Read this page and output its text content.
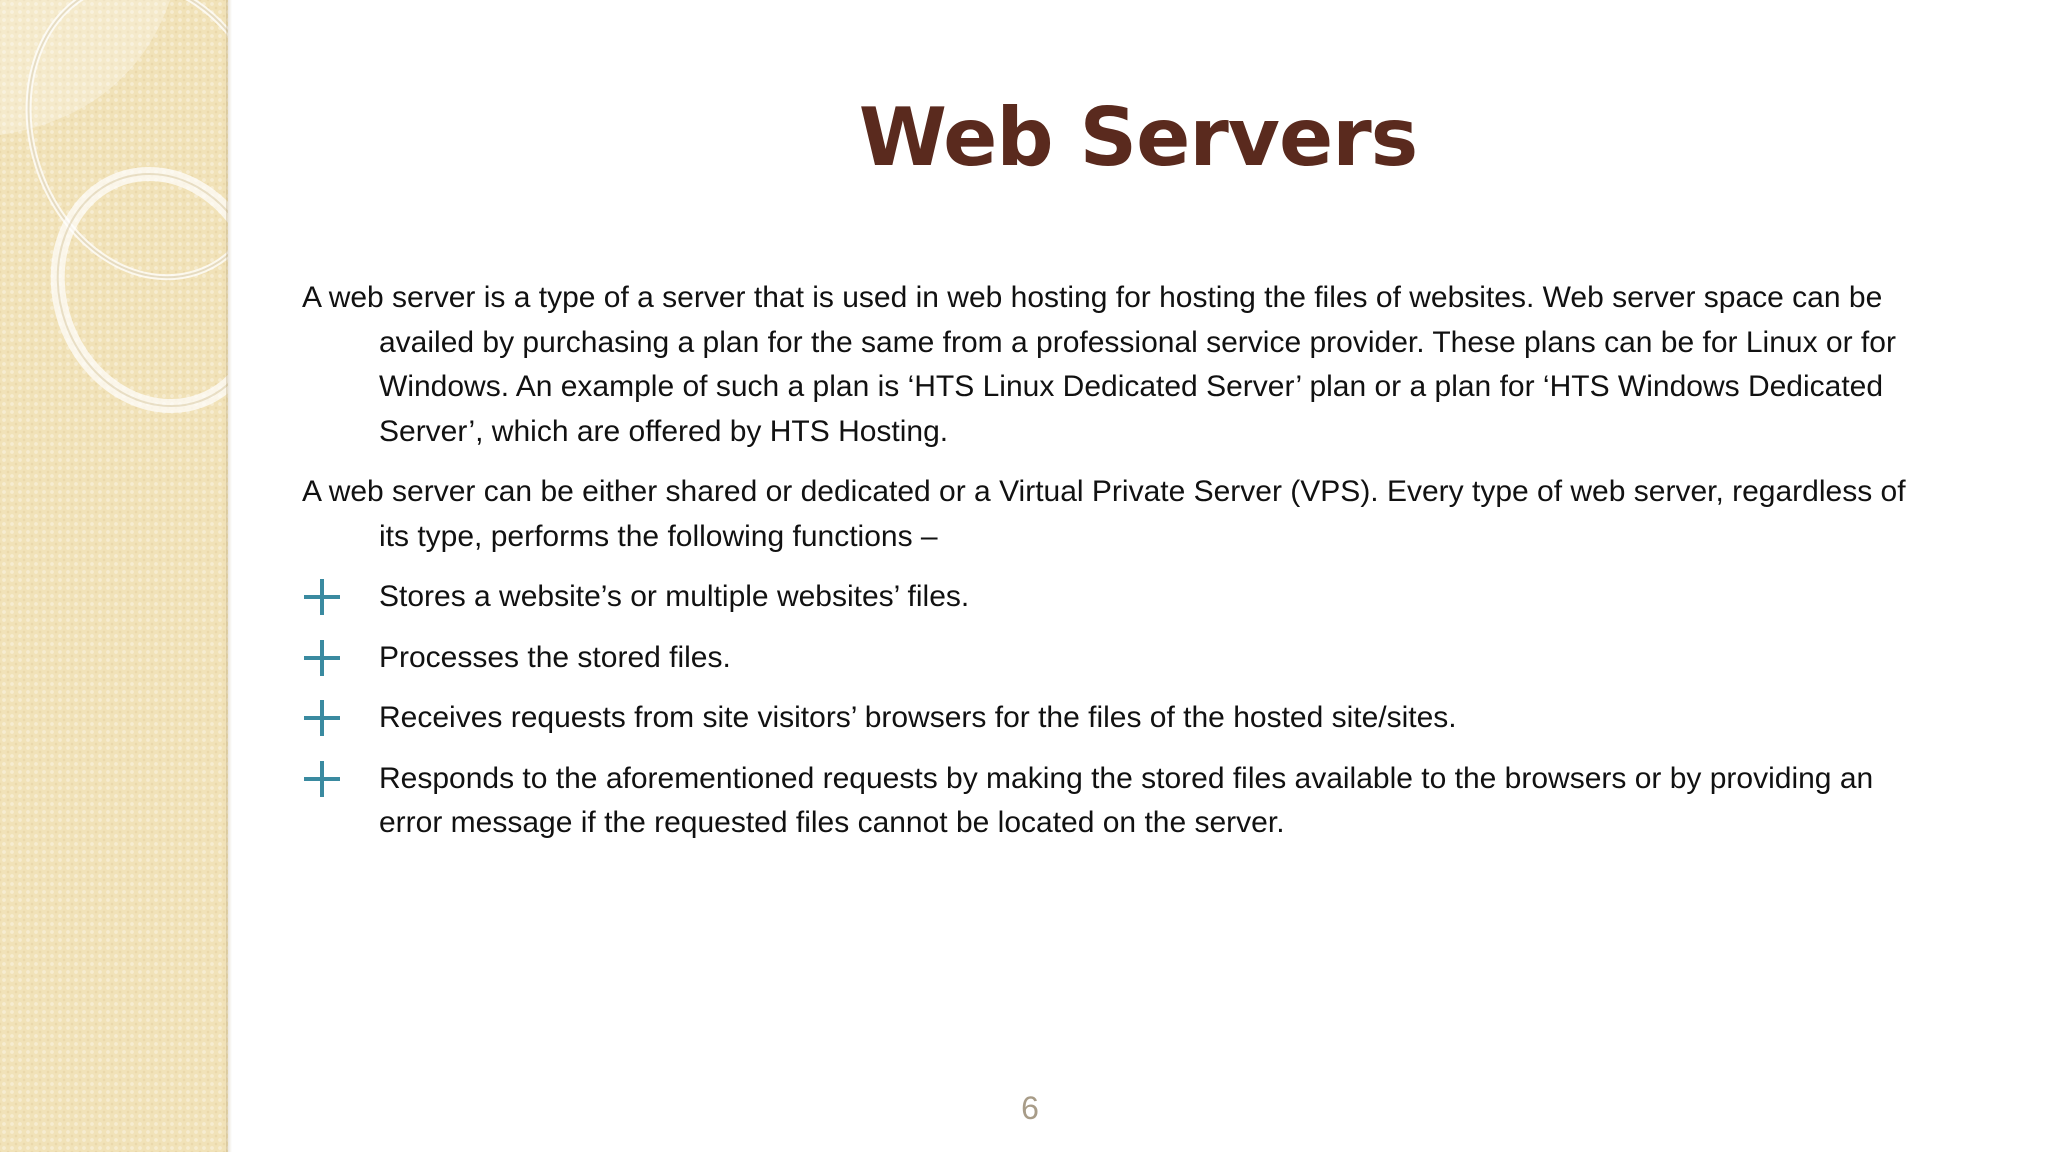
Web Servers

A web server is a type of a server that is used in web hosting for hosting the files of websites. Web server space can be availed by purchasing a plan for the same from a professional service provider. These plans can be for Linux or for Windows. An example of such a plan is ‘HTS Linux Dedicated Server’ plan or a plan for ‘HTS Windows Dedicated Server’, which are offered by HTS Hosting.

A web server can be either shared or dedicated or a Virtual Private Server (VPS). Every type of web server, regardless of its type, performs the following functions –

Stores a website’s or multiple websites’ files.
Processes the stored files.
Receives requests from site visitors’ browsers for the files of the hosted site/sites.
Responds to the aforementioned requests by making the stored files available to the browsers or by providing an error message if the requested files cannot be located on the server.
6
